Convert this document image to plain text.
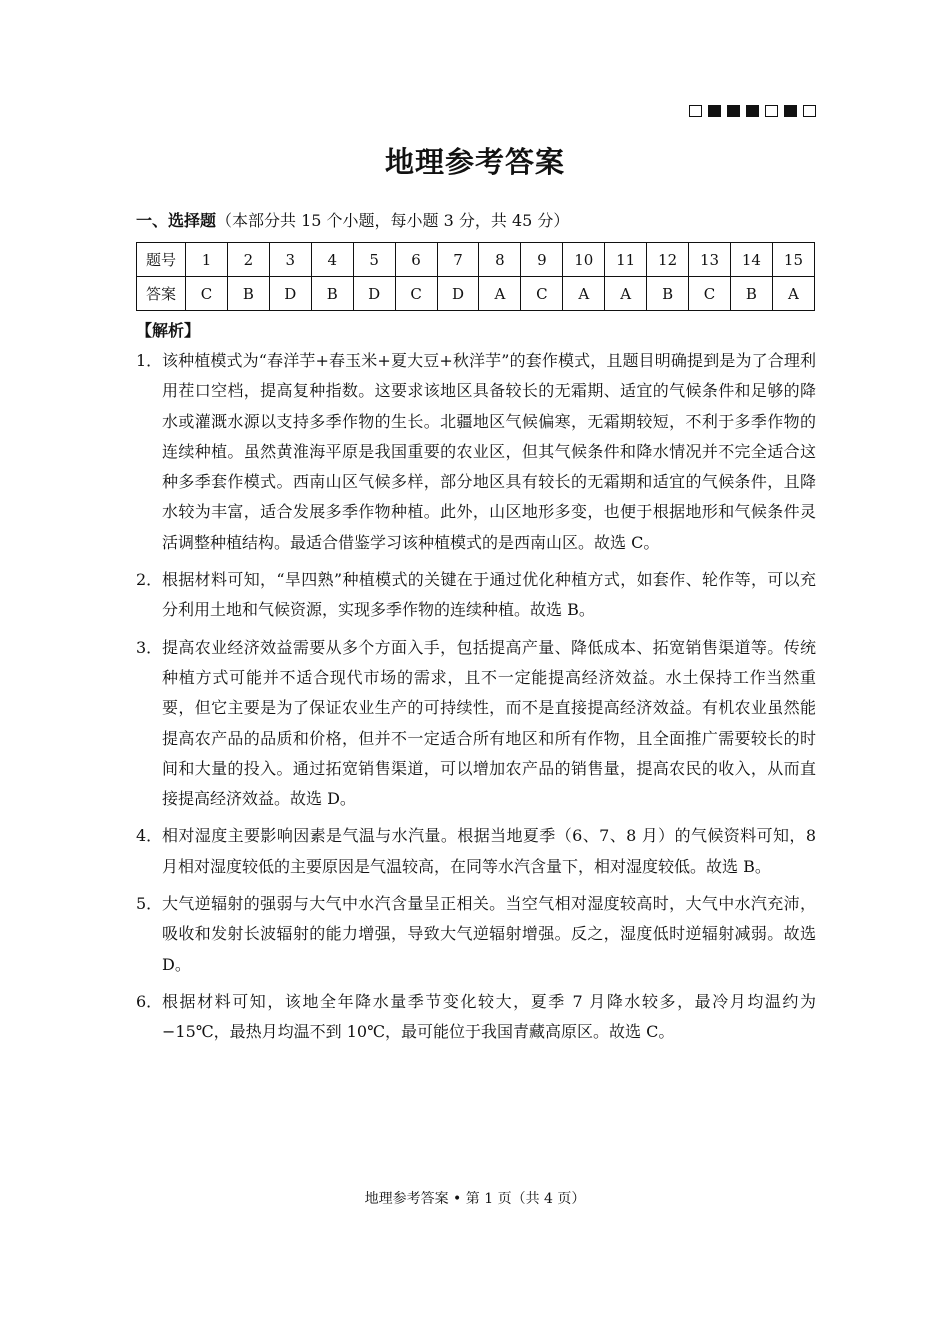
地理参考答案
一、选择题（本部分共 15 个小题，每小题 3 分，共 45 分）
题号	1	2	3	4	5	6	7	8	9	10	11	12	13	14	15
答案	C	B	D	B	D	C	D	A	C	A	A	B	C	B	A
【解析】
1． 该种植模式为“春洋芋+春玉米+夏大豆+秋洋芋”的套作模式，且题目明确提到是为了合理利用茬口空档，提高复种指数。这要求该地区具备较长的无霜期、适宜的气候条件和足够的降水或灌溉水源以支持多季作物的生长。北疆地区气候偏寒，无霜期较短，不利于多季作物的连续种植。虽然黄淮海平原是我国重要的农业区，但其气候条件和降水情况并不完全适合这种多季套作模式。西南山区气候多样，部分地区具有较长的无霜期和适宜的气候条件，且降水较为丰富，适合发展多季作物种植。此外，山区地形多变，也便于根据地形和气候条件灵活调整种植结构。最适合借鉴学习该种植模式的是西南山区。故选 C。
2． 根据材料可知，“旱四熟”种植模式的关键在于通过优化种植方式，如套作、轮作等，可以充分利用土地和气候资源，实现多季作物的连续种植。故选 B。
3． 提高农业经济效益需要从多个方面入手，包括提高产量、降低成本、拓宽销售渠道等。传统种植方式可能并不适合现代市场的需求，且不一定能提高经济效益。水土保持工作当然重要，但它主要是为了保证农业生产的可持续性，而不是直接提高经济效益。有机农业虽然能提高农产品的品质和价格，但并不一定适合所有地区和所有作物，且全面推广需要较长的时间和大量的投入。通过拓宽销售渠道，可以增加农产品的销售量，提高农民的收入，从而直接提高经济效益。故选 D。
4． 相对湿度主要影响因素是气温与水汽量。根据当地夏季（6、7、8 月）的气候资料可知，8 月相对湿度较低的主要原因是气温较高，在同等水汽含量下，相对湿度较低。故选 B。
5． 大气逆辐射的强弱与大气中水汽含量呈正相关。当空气相对湿度较高时，大气中水汽充沛，吸收和发射长波辐射的能力增强，导致大气逆辐射增强。反之，湿度低时逆辐射减弱。故选 D。
6． 根据材料可知，该地全年降水量季节变化较大，夏季 7 月降水较多，最冷月均温约为−15℃，最热月均温不到 10℃，最可能位于我国青藏高原区。故选 C。
地理参考答案 • 第 1 页（共 4 页）
